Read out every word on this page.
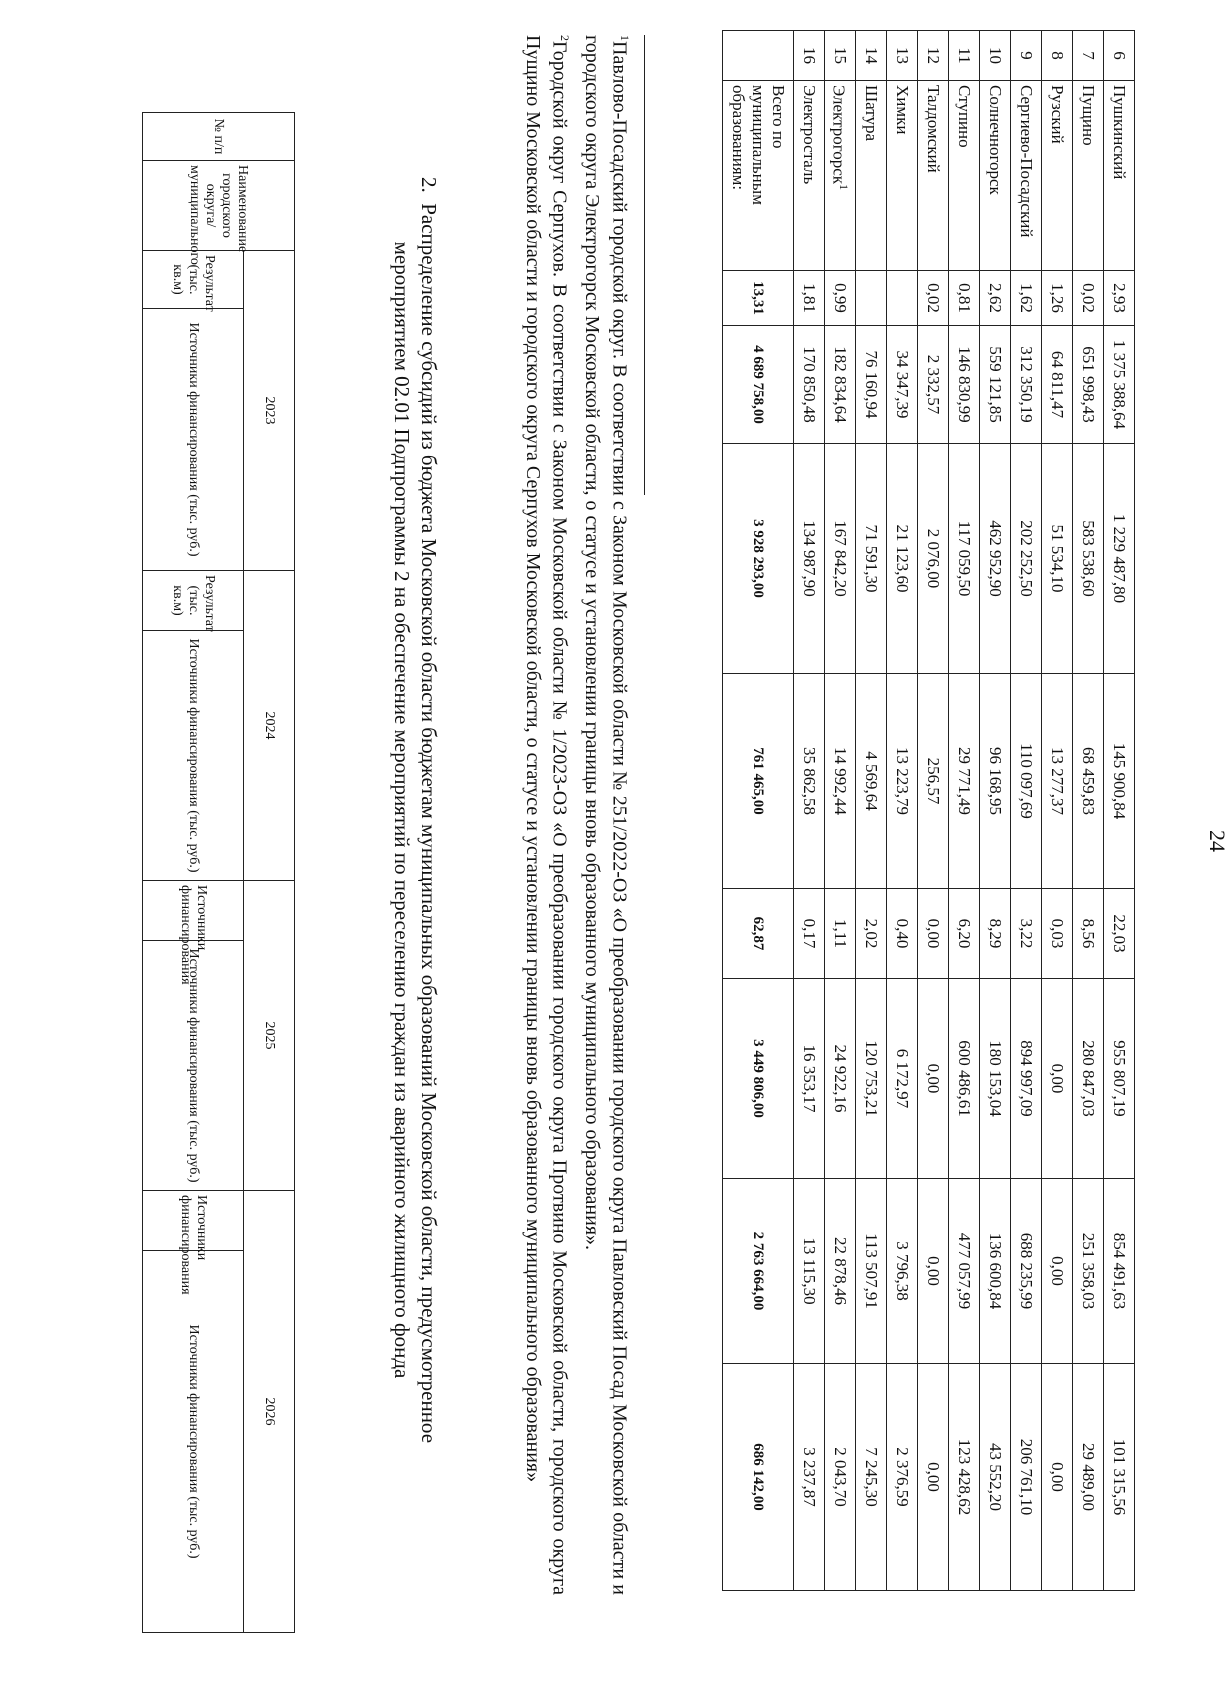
24
6	Пушкинский	2,93	1 375 388,64	1 229 487,80	145 900,84	22,03	955 807,19	854 491,63	101 315,56
7	Пущино	0,02	651 998,43	583 538,60	68 459,83	8,56	280 847,03	251 358,03	29 489,00
8	Рузский	1,26	64 811,47	51 534,10	13 277,37	0,03	0,00	0,00	0,00
9	Сергиево-Посадский	1,62	312 350,19	202 252,50	110 097,69	3,22	894 997,09	688 235,99	206 761,10
10	Солнечногорск	2,62	559 121,85	462 952,90	96 168,95	8,29	180 153,04	136 600,84	43 552,20
11	Ступино	0,81	146 830,99	117 059,50	29 771,49	6,20	600 486,61	477 057,99	123 428,62
12	Талдомский	0,02	2 332,57	2 076,00	256,57	0,00	0,00	0,00	0,00
13	Химки		34 347,39	21 123,60	13 223,79	0,40	6 172,97	3 796,38	2 376,59
14	Шатура		76 160,94	71 591,30	4 569,64	2,02	120 753,21	113 507,91	7 245,30
15	Электрогорск$^1$	0,99	182 834,64	167 842,20	14 992,44	1,11	24 922,16	22 878,46	2 043,70
16	Электросталь	1,81	170 850,48	134 987,90	35 862,58	0,17	16 353,17	13 115,30	3 237,87
	Всего по муниципальным образованиям:	13,31	4 689 758,00	3 928 293,00	761 465,00	62,87	3 449 806,00	2 763 664,00	686 142,00

$^1$Павлово-Посадский городской округ. В соответствии с Законом Московской области № 251/2022-ОЗ «О преобразовании городского округа Павловский Посад Московской области и городского округа Электрогорск Московской области, о статусе и установлении границы вновь образованного муниципального образования».

$^2$Городской округ Серпухов. В соответствии с Законом Московской области № 1/2023-ОЗ «О преобразовании городского округа Протвино Московской области, городского округа Пущино Московской области и городского округа Серпухов Московской области, о статусе и установлении границы вновь образованного муниципального образования»

2.  Распределение субсидий из бюджета Московской области бюджетам муниципальных образований Московской области, предусмотренное
мероприятием 02.01 Подпрограммы 2 на обеспечение мероприятий по переселению граждан из аварийного жилищного фонда
№ п/п	Наименование городского округа/муниципального	2023		2024		2025		2026	
		Результат (тыс. кв.м)	Источники финансирования (тыс. руб.)	Результат (тыс. кв.м)	Источники финансирования (тыс. руб.)	Источники финансирования	Источники финансирования (тыс. руб.)	Источники финансирования	Источники финансирования (тыс. руб.)
